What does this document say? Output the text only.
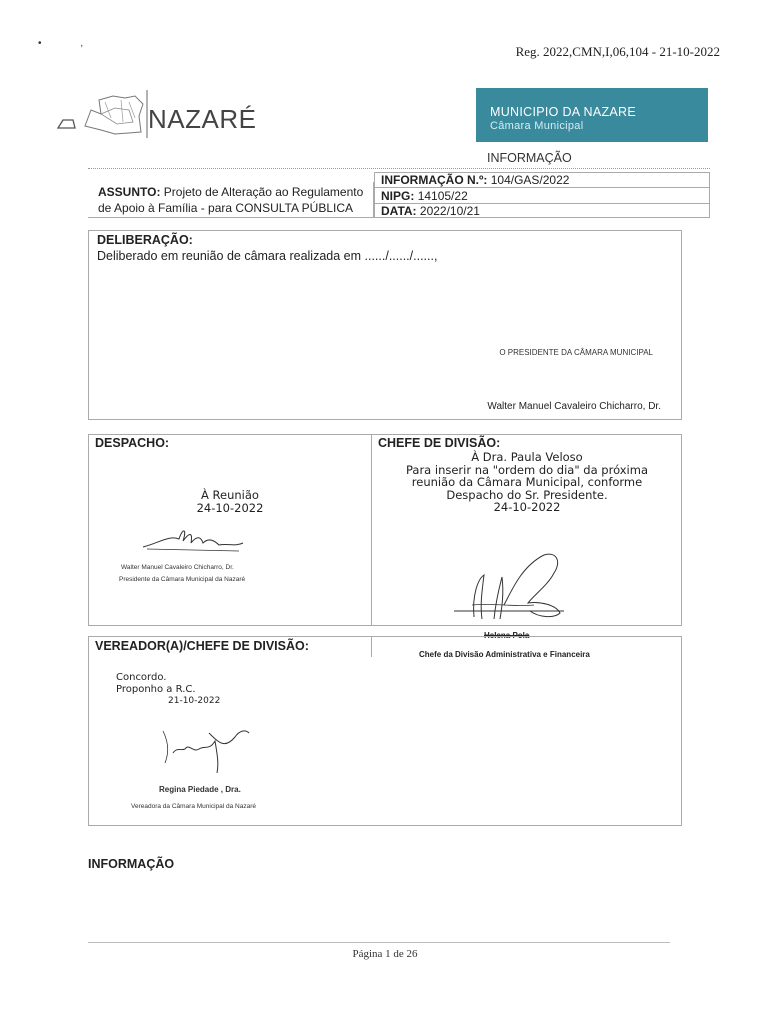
•              ,
Reg. 2022,CMN,I,06,104 - 21-10-2022
NAZARÉ	MUNICIPIO DA NAZARE
Câmara Municipal
INFORMAÇÃO
ASSUNTO: Projeto de Alteração ao Regulamento
de Apoio à Família - para CONSULTA PÚBLICA
INFORMAÇÃO N.º: 104/GAS/2022
NIPG: 14105/22
DATA: 2022/10/21
DELIBERAÇÃO:
Deliberado em reunião de câmara realizada em ....../....../......,
O PRESIDENTE DA CÂMARA MUNICIPAL
Walter Manuel Cavaleiro Chicharro, Dr.
DESPACHO:
À Reunião
24-10-2022
Walter Manuel Cavaleiro Chicharro, Dr.
Presidente da Câmara Municipal da Nazaré
CHEFE DE DIVISÃO:
À Dra. Paula Veloso
Para inserir na "ordem do dia" da próxima
reunião da Câmara Municipal, conforme
Despacho do Sr. Presidente.
24-10-2022
Helena Pola
Chefe da Divisão Administrativa e Financeira
VEREADOR(A)/CHEFE DE DIVISÃO:
Concordo.
Proponho a R.C.
21-10-2022
Regina Piedade , Dra.
Vereadora da Câmara Municipal da Nazaré
INFORMAÇÃO
Página 1 de 26
